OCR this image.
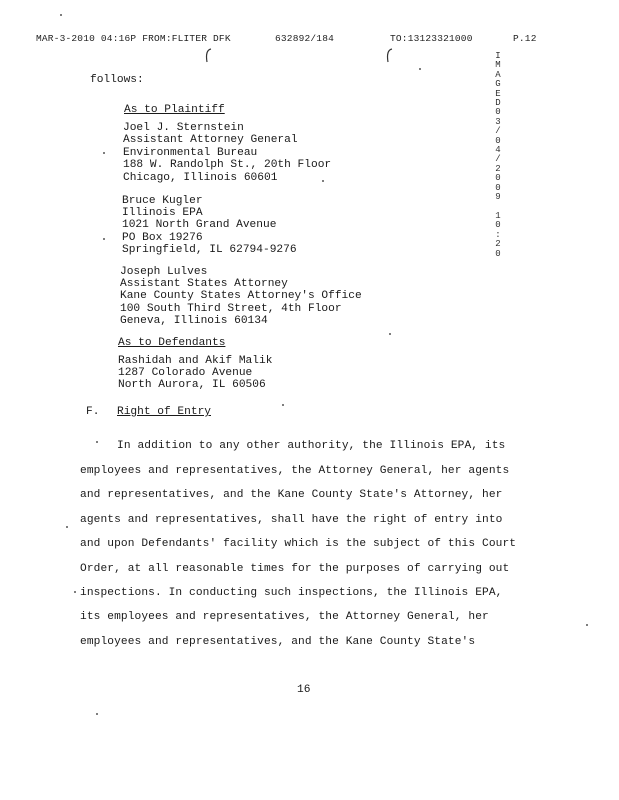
MAR-3-2010 04:16P FROM:FLITER DFK	632892/184	TO:13123321000	P.12
I
M
A
G
E
D
0
3
/
0
4
/
2
0
0
9

1
0
:
2
0
follows:
As to Plaintiff
Joel J. Sternstein
Assistant Attorney General
Environmental Bureau
188 W. Randolph St., 20th Floor
Chicago, Illinois 60601
Bruce Kugler
Illinois EPA
1021 North Grand Avenue
PO Box 19276
Springfield, IL 62794-9276
Joseph Lulves
Assistant States Attorney
Kane County States Attorney's Office
100 South Third Street, 4th Floor
Geneva, Illinois 60134
As to Defendants
Rashidah and Akif Malik
1287 Colorado Avenue
North Aurora, IL 60506
F. Right of Entry
In addition to any other authority, the Illinois EPA, its
employees and representatives, the Attorney General, her agents
and representatives, and the Kane County State's Attorney, her
agents and representatives, shall have the right of entry into
and upon Defendants' facility which is the subject of this Court
Order, at all reasonable times for the purposes of carrying out
inspections. In conducting such inspections, the Illinois EPA,
its employees and representatives, the Attorney General, her
employees and representatives, and the Kane County State's
16
